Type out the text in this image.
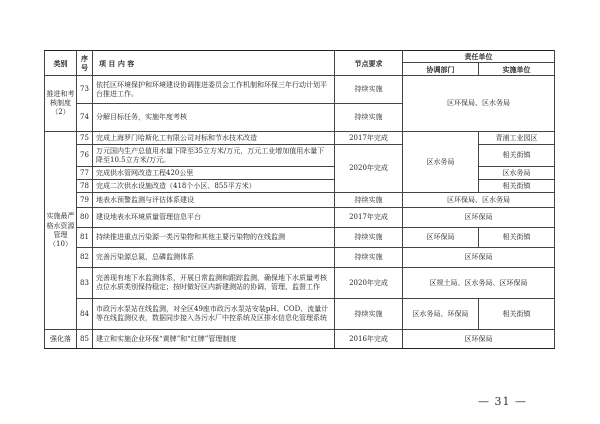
类别	序号	项 目 内 容	节点要求	责任单位	
				协调部门	实施单位
推进和考核制度（2）	73	依托区环境保护和环境建设协调推进委员会工作机制和环保三年行动计划平台推进工作。	持续实施	区环保局、区水务局	
	74	分解目标任务，实施年度考核	持续实施		
实施最严格水资源管理（10）	75	完成上海罗门哈斯化工有限公司对标和节水技术改造	2017年完成	区水务局	青浦工业园区
	76	万元国内生产总值用水量下降至35立方米/万元，万元工业增加值用水量下降至10.5立方米/万元。	2020年完成		相关街镇
	77	完成供水管网改造工程420公里			区水务局
	78	完成二次供水设施改造（418个小区、855平方米）			相关街镇
	79	地表水预警监测与评估体系建设	持续实施	区环保局、区水务局	
	80	建设地表水环境质量管理信息平台	2017年完成	区环保局	
	81	持续推进重点污染源一类污染物和其他主要污染物的在线监测	持续实施	区环保局	相关街镇
	82	完善污染源总氮、总磷监测体系	持续实施	区环保局	
	83	完善现有地下水监测体系，开展日常监测和跟踪监测，确保地下水质量考核点位水质类别保持稳定；按时做好区内新建测站的协调、管理、监督工作	2020年完成	区规土局、区水务局、区环保局	
	84	市政污水泵站在线监测，对全区49座市政污水泵站安装pH、COD、流量计等在线监测仪表，数据同步接入各污水厂中控系统及区排水信息化管理系统	持续实施	区水务局、环保局	相关街镇
强化落	85	建立和实施企业环保“黄牌”和“红牌”管理制度	2016年完成	区环保局	
— 31 —
